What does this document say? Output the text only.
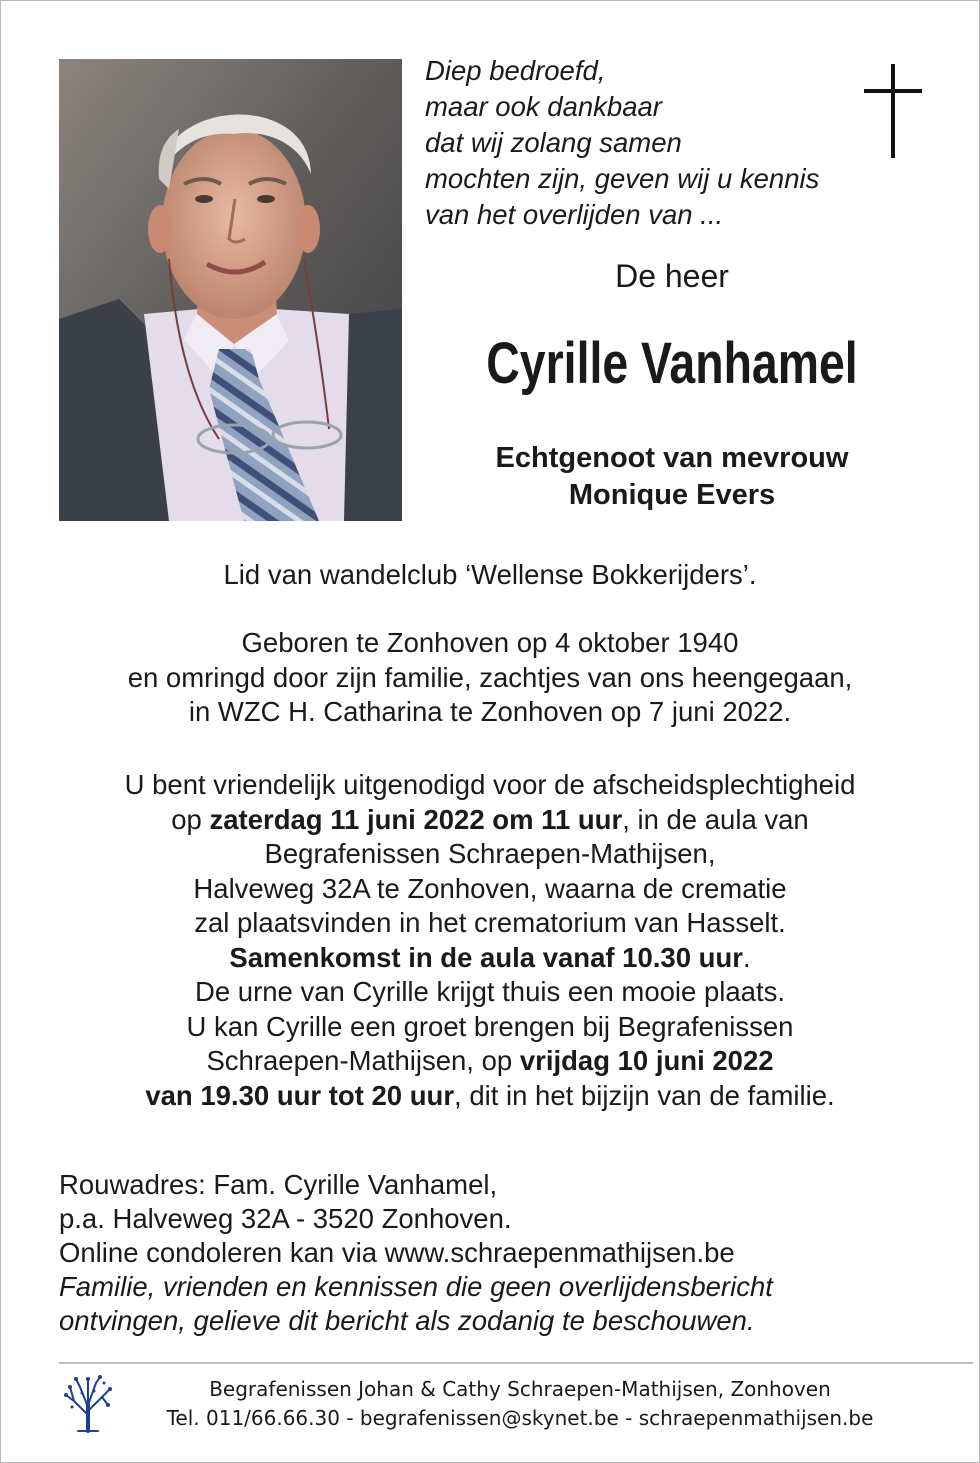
Diep bedroefd,
maar ook dankbaar
dat wij zolang samen
mochten zijn, geven wij u kennis
van het overlijden van ...
De heer
Cyrille Vanhamel
Echtgenoot van mevrouw
Monique Evers
Lid van wandelclub ‘Wellense Bokkerijders’.
Geboren te Zonhoven op 4 oktober 1940
en omringd door zijn familie, zachtjes van ons heengegaan,
in WZC H. Catharina te Zonhoven op 7 juni 2022.
U bent vriendelijk uitgenodigd voor de afscheidsplechtigheid
op zaterdag 11 juni 2022 om 11 uur, in de aula van
Begrafenissen Schraepen-Mathijsen,
Halveweg 32A te Zonhoven, waarna de crematie
zal plaatsvinden in het crematorium van Hasselt.
Samenkomst in de aula vanaf 10.30 uur.
De urne van Cyrille krijgt thuis een mooie plaats.
U kan Cyrille een groet brengen bij Begrafenissen
Schraepen-Mathijsen, op vrijdag 10 juni 2022
van 19.30 uur tot 20 uur, dit in het bijzijn van de familie.
Rouwadres: Fam. Cyrille Vanhamel,
p.a. Halveweg 32A - 3520 Zonhoven.
Online condoleren kan via www.schraepenmathijsen.be
Familie, vrienden en kennissen die geen overlijdensbericht
ontvingen, gelieve dit bericht als zodanig te beschouwen.
Begrafenissen Johan & Cathy Schraepen-Mathijsen, Zonhoven
Tel. 011/66.66.30 - begrafenissen@skynet.be - schraepenmathijsen.be
